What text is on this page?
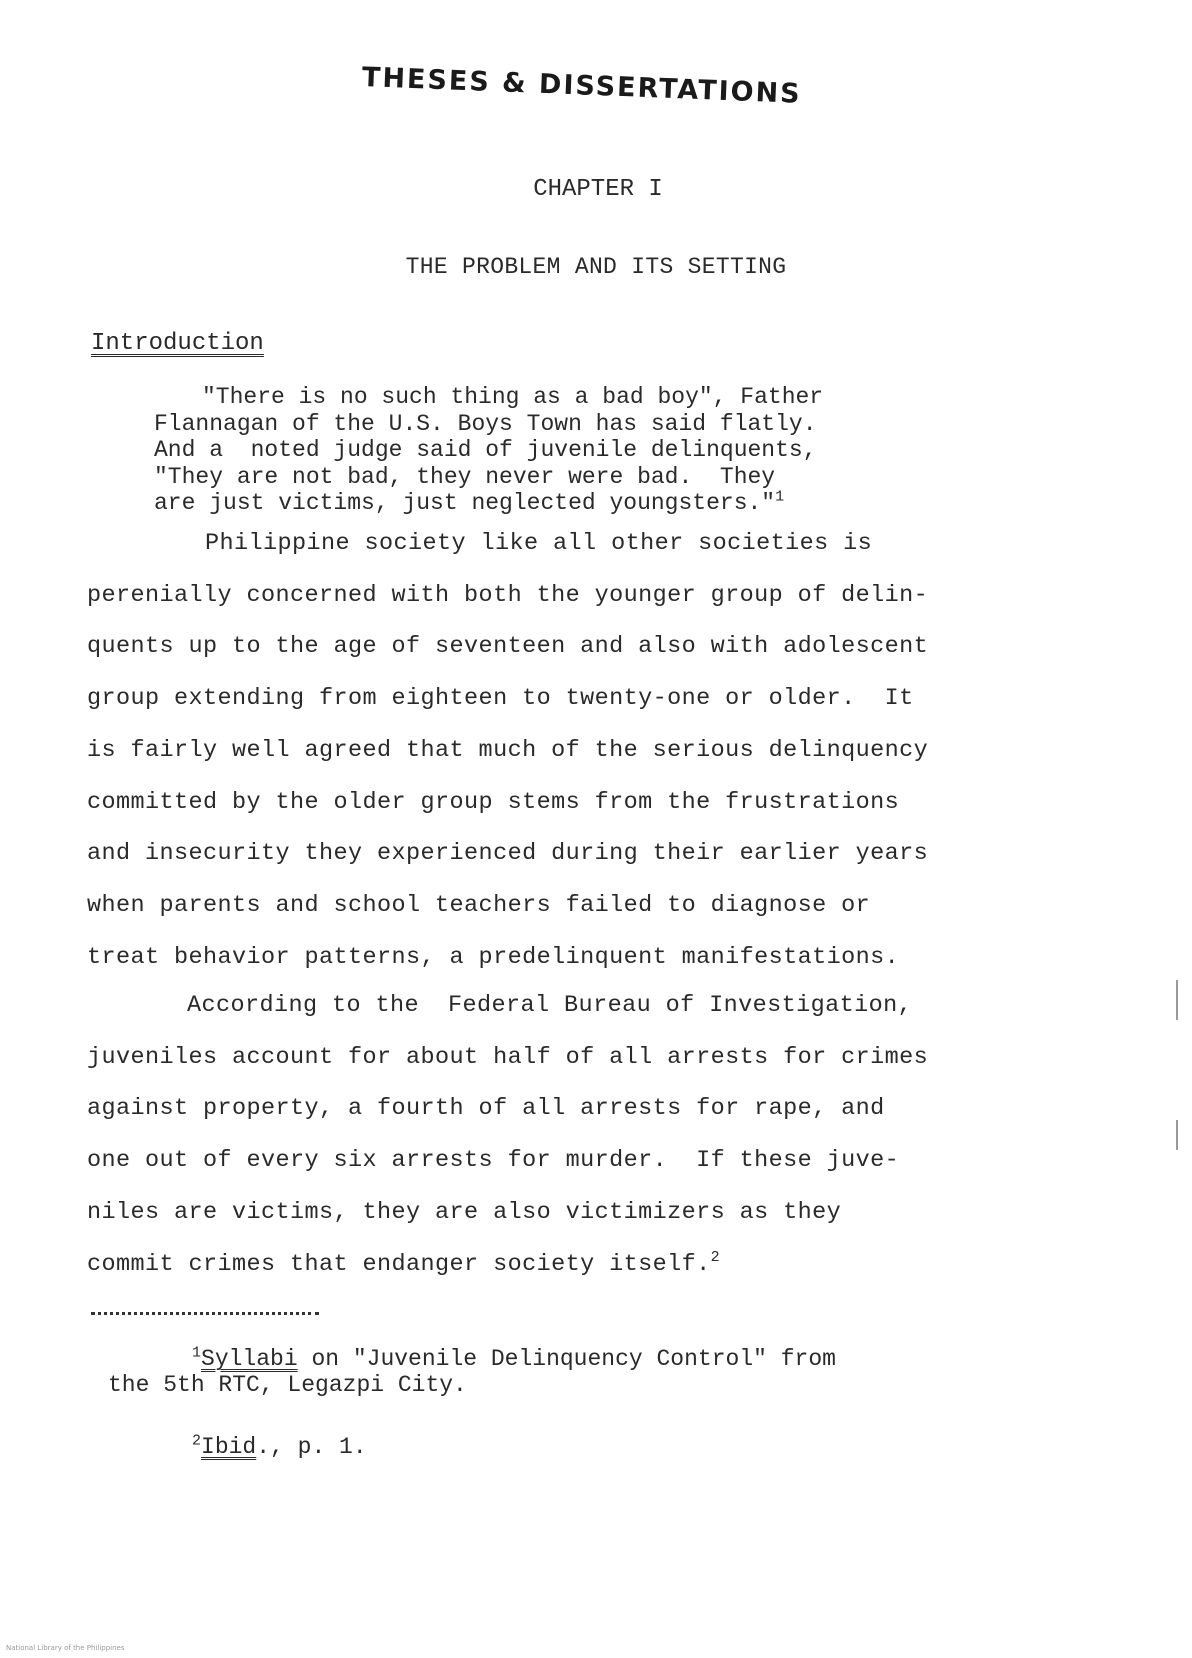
THESES & DISSERTATIONS
CHAPTER I
THE PROBLEM AND ITS SETTING
Introduction
"There is no such thing as a bad boy", Father
Flannagan of the U.S. Boys Town has said flatly.
And a  noted judge said of juvenile delinquents,
"They are not bad, they never were bad.  They
are just victims, just neglected youngsters."$^1$
Philippine society like all other societies is
perenially concerned with both the younger group of delin-
quents up to the age of seventeen and also with adolescent
group extending from eighteen to twenty-one or older.  It
is fairly well agreed that much of the serious delinquency
committed by the older group stems from the frustrations
and insecurity they experienced during their earlier years
when parents and school teachers failed to diagnose or
treat behavior patterns, a predelinquent manifestations.
According to the  Federal Bureau of Investigation,
juveniles account for about half of all arrests for crimes
against property, a fourth of all arrests for rape, and
one out of every six arrests for murder.  If these juve-
niles are victims, they are also victimizers as they
commit crimes that endanger society itself.$^2$
$^1$Syllabi on "Juvenile Delinquency Control" from
the 5th RTC, Legazpi City.
$^2$Ibid., p. 1.
National Library of the Philippines
